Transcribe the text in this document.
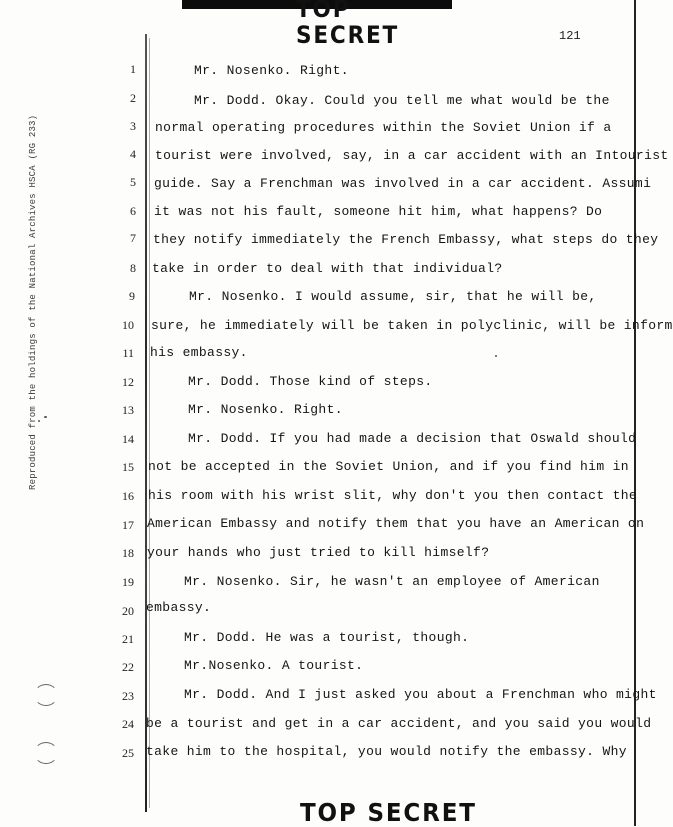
TOP SECRET	121
Reproduced from the holdings of the National Archives HSCA (RG 233)
1
2
3
4
5
6
7
8
9
10
11
12
13
14
15
16
17
18
19
20
21
22
23
24
25
Mr. Nosenko. Right.
Mr. Dodd. Okay. Could you tell me what would be the
normal operating procedures within the Soviet Union if a
tourist were involved, say, in a car accident with an Intourist
guide. Say a Frenchman was involved in a car accident. Assumi
it was not his fault, someone hit him, what happens? Do
they notify immediately the French Embassy, what steps do they
take in order to deal with that individual?
Mr. Nosenko. I would assume, sir, that he will be,
sure, he immediately will be taken in polyclinic, will be inform
his embassy.
Mr. Dodd. Those kind of steps.
Mr. Nosenko. Right.
Mr. Dodd. If you had made a decision that Oswald should
not be accepted in the Soviet Union, and if you find him in
his room with his wrist slit, why don't you then contact the
American Embassy and notify them that you have an American on
your hands who just tried to kill himself?
Mr. Nosenko. Sir, he wasn't an employee of American
embassy.
Mr. Dodd. He was a tourist, though.
Mr.Nosenko. A tourist.
Mr. Dodd. And I just asked you about a Frenchman who might
be a tourist and get in a car accident, and you said you would
take him to the hospital, you would notify the embassy. Why
TOP SECRET
